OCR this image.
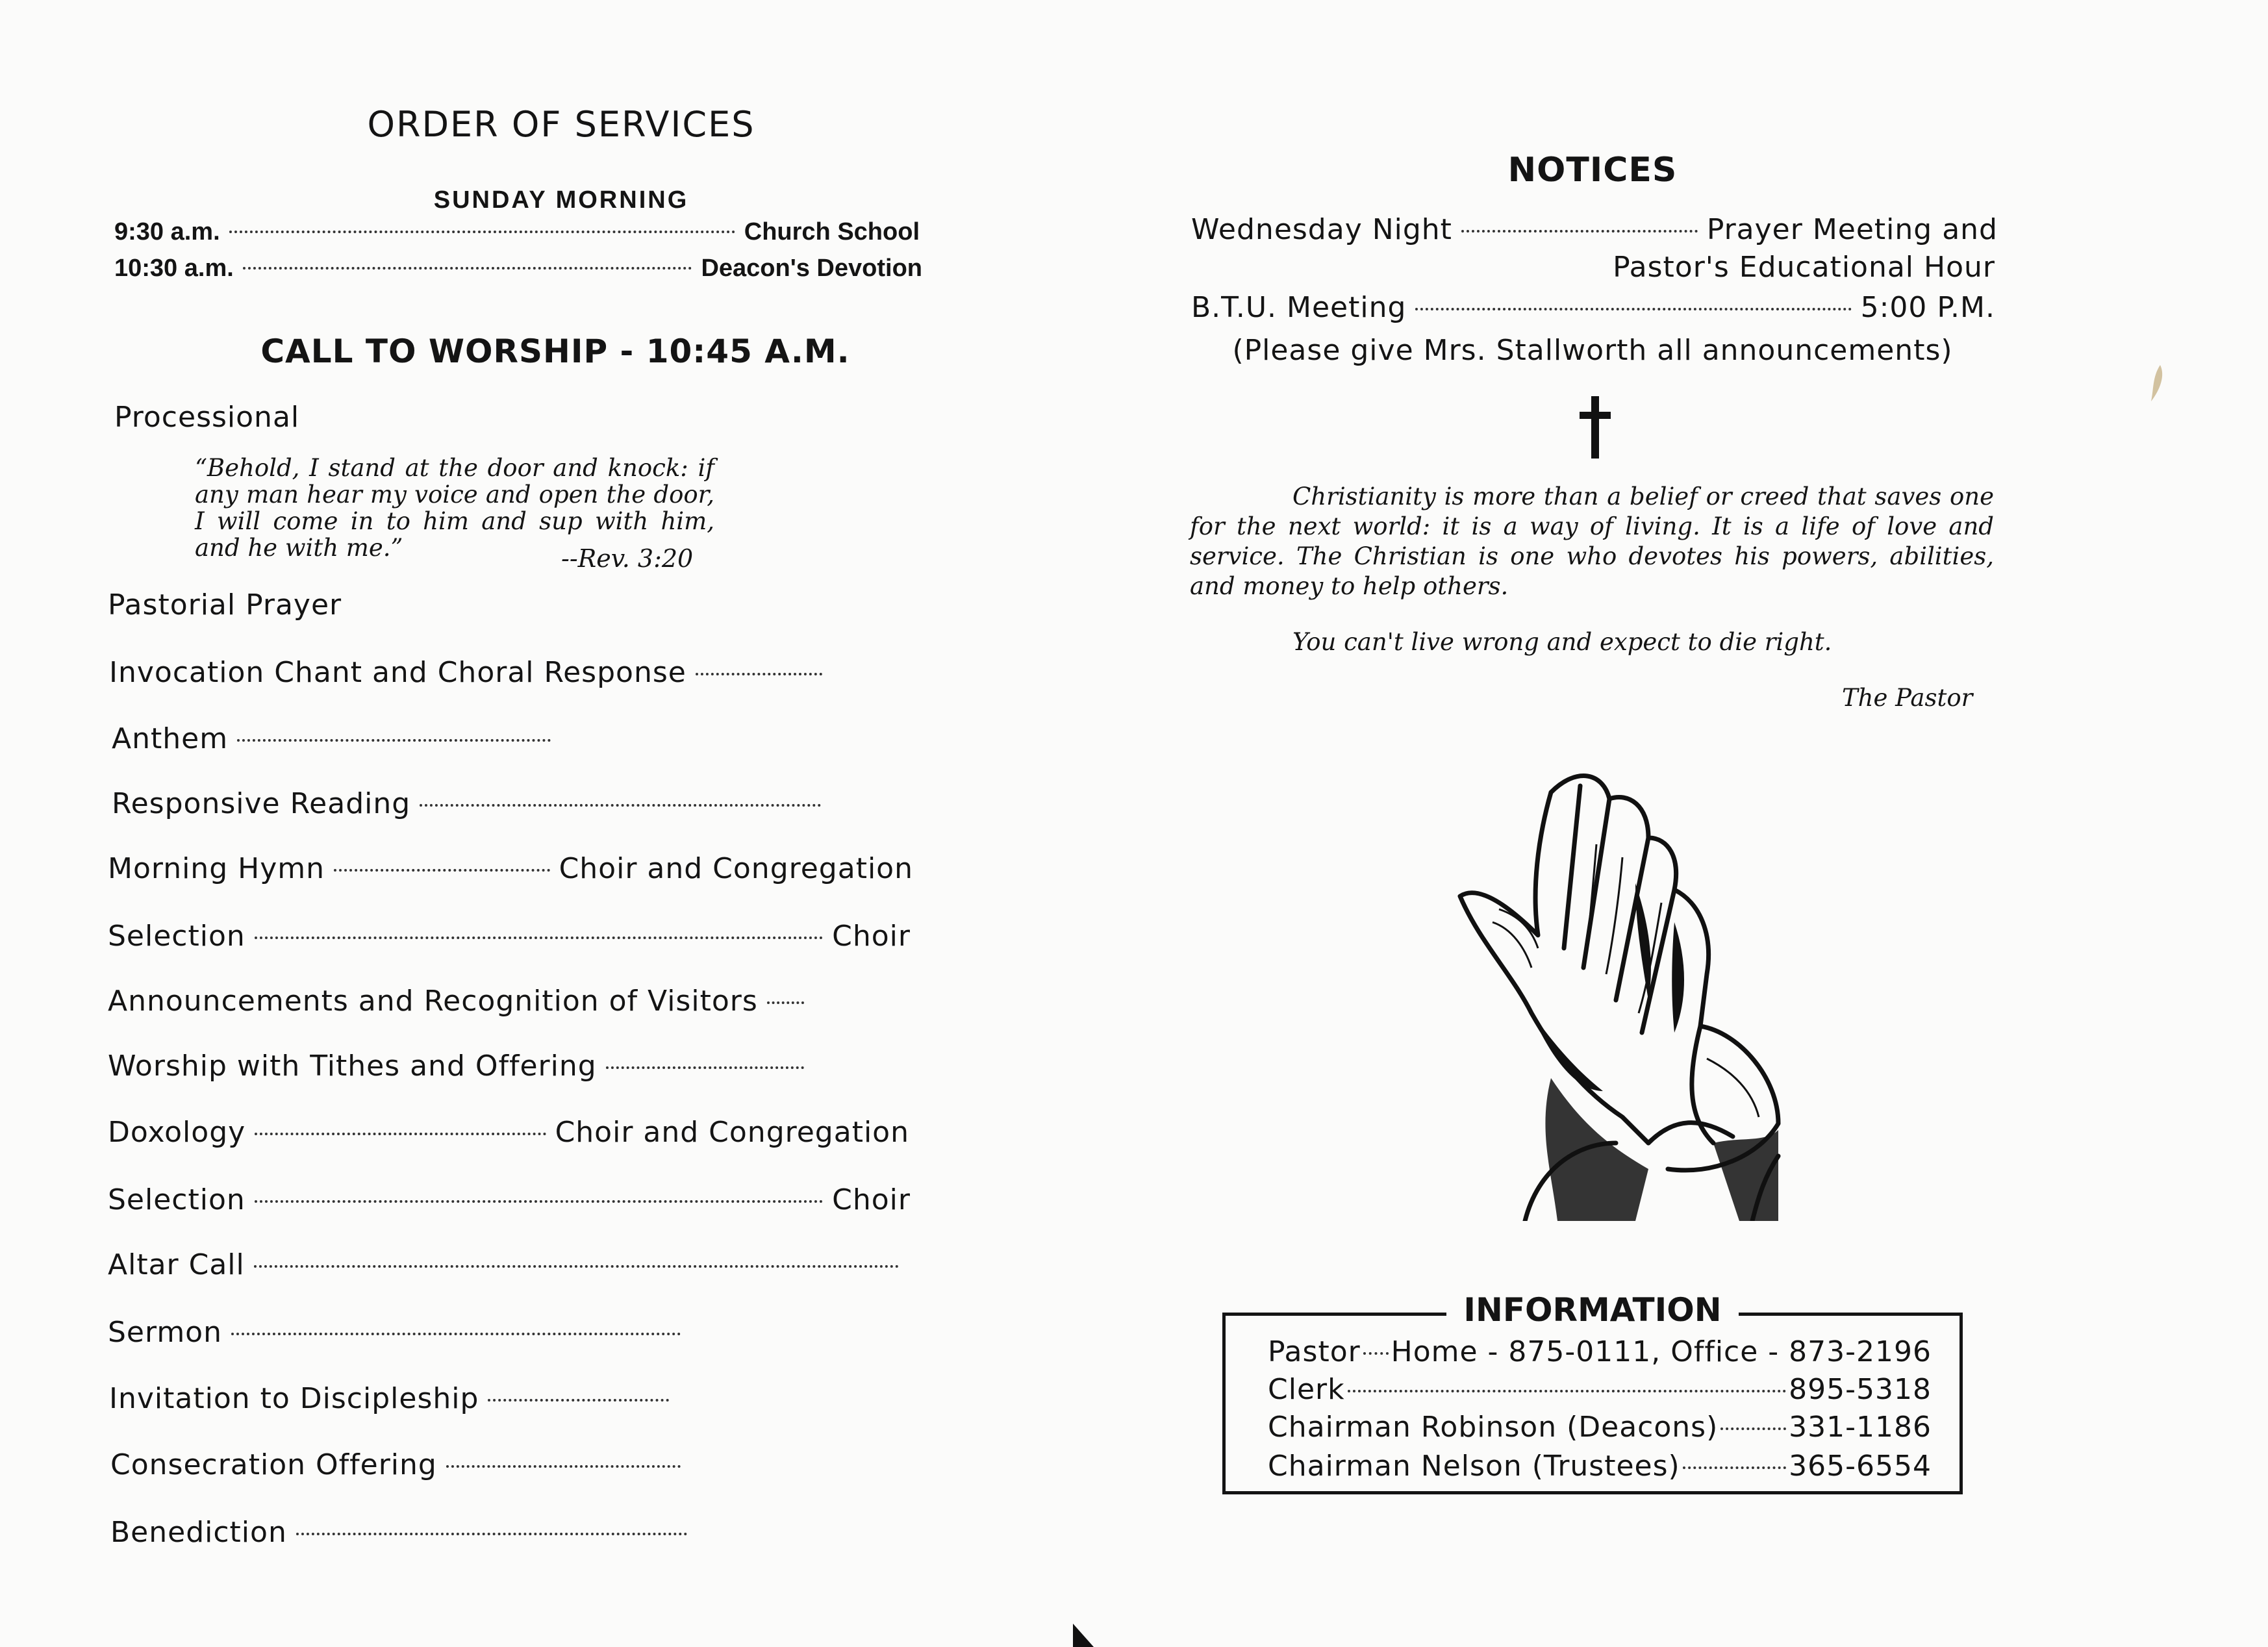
ORDER OF SERVICES
SUNDAY MORNING
9:30 a.m.	Church School
10:30 a.m.	Deacon's Devotion
CALL TO WORSHIP - 10:45 A.M.
Processional
“Behold, I stand at the door and knock: if any man hear my voice and open the door, I will come in to him and sup with him, and he with me.”	--Rev. 3:20
Pastorial Prayer
Invocation Chant and Choral Response
Anthem
Responsive Reading
Morning Hymn	Choir and Congregation
Selection	Choir
Announcements and Recognition of Visitors
Worship with Tithes and Offering
Doxology	Choir and Congregation
Selection	Choir
Altar Call
Sermon
Invitation to Discipleship
Consecration Offering
Benediction
NOTICES
Wednesday Night	Prayer Meeting and
Pastor's Educational Hour
B.T.U. Meeting	5:00 P.M.
(Please give Mrs. Stallworth all announcements)
Christianity is more than a belief or creed that saves one for the next world: it is a way of living. It is a life of love and service. The Christian is one who devotes his powers, abilities, and money to help others.
You can't live wrong and expect to die right.
The Pastor
INFORMATION
Pastor Home - 875-0111, Office - 873-2196
Clerk	895-5318
Chairman Robinson (Deacons) 331-1186
Chairman Nelson (Trustees)	365-6554
